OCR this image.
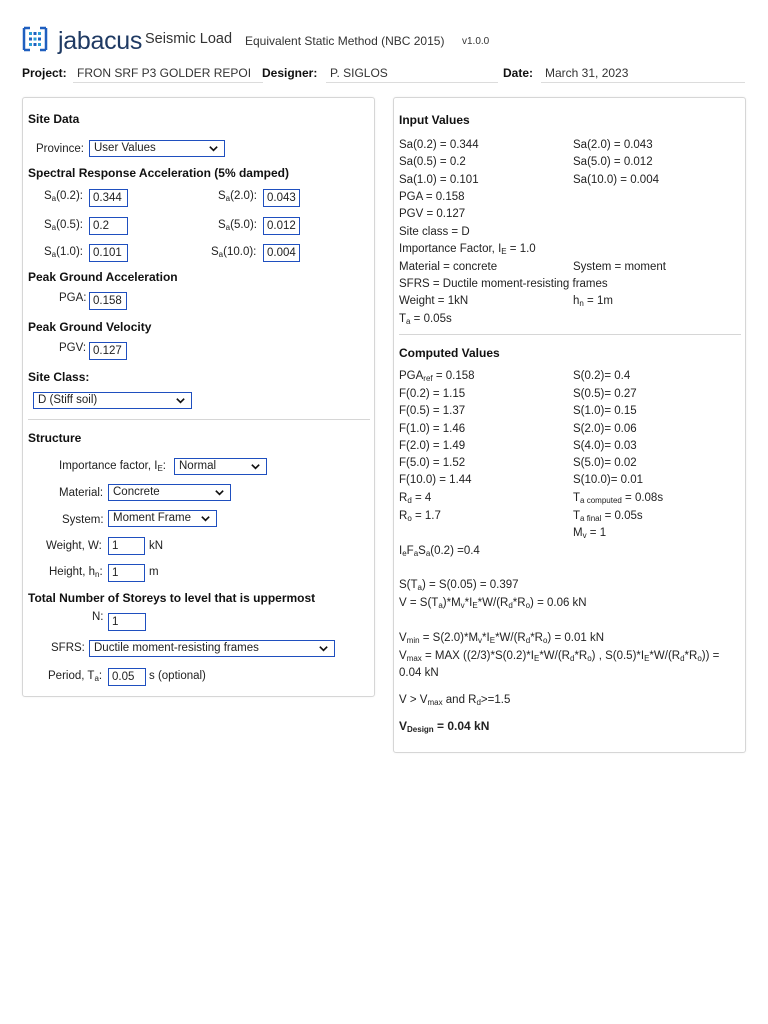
jabacus Seismic Load Equivalent Static Method (NBC 2015) v1.0.0
Project: FRON SRF P3 GOLDER REPOI Designer:	P. SIGLOS	Date: March 31, 2023
Site Data
Province: User Values
Spectral Response Acceleration (5% damped)
$S_a(0.2)$: 0.344	$S_a(2.0)$: 0.043
$S_a(0.5)$: 0.2	$S_a(5.0)$: 0.012
$S_a(1.0)$: 0.101	$S_a(10.0)$: 0.004
Peak Ground Acceleration
PGA: 0.158
Peak Ground Velocity
PGV: 0.127
Site Class:
D (Stiff soil)
Structure
Importance factor, $I_E$:	Normal
Material: Concrete
System: Moment Frame
Weight, W: 1	kN
Height, $h_n$: 1	m
Total Number of Storeys to level that is uppermost
N: 1
SFRS: Ductile moment-resisting frames
Period, $T_a$: 0.05	s (optional)
Input Values
Sa(0.2) = 0.344	Sa(2.0) = 0.043
Sa(0.5) = 0.2	Sa(5.0) = 0.012
Sa(1.0) = 0.101	Sa(10.0) = 0.004
PGA = 0.158
PGV = 0.127
Site class = D
Importance Factor, $I_E = 1.0$
Material = concrete	System = moment
SFRS = Ductile moment-resisting frames
Weight = 1kN	$h_n = 1m$
$T_a = 0.05s$
Computed Values
$PGA_{ref} = 0.158$	S(0.2)= 0.4
F(0.2) = 1.15	S(0.5)= 0.27
F(0.5) = 1.37	S(1.0)= 0.15
F(1.0) = 1.46	S(2.0)= 0.06
F(2.0) = 1.49	S(4.0)= 0.03
F(5.0) = 1.52	S(5.0)= 0.02
F(10.0) = 1.44	S(10.0)= 0.01
$R_d = 4$	$T_{a computed} = 0.08s$
$R_o = 1.7$	$T_{a final} = 0.05s$
$M_v = 1$
$I_eF_aS_a(0.2) =0.4$
$S(T_a) = S(0.05) = 0.397$
$V = S(T_a)*M_v*I_E*W/(R_d*R_o) = 0.06$ kN
$V_{min} = S(2.0)*M_v*I_E*W/(R_d*R_o) = 0.01$ kN
$V_{max}$ = MAX ($(2/3)*S(0.2)*I_E*W/(R_d*R_o)$ , $S(0.5)*I_E*W/(R_d*R_o)$) =
0.04 kN
$V > V_{max}$ and $R_d>=1.5$
$V_{Design} = 0.04$ kN
